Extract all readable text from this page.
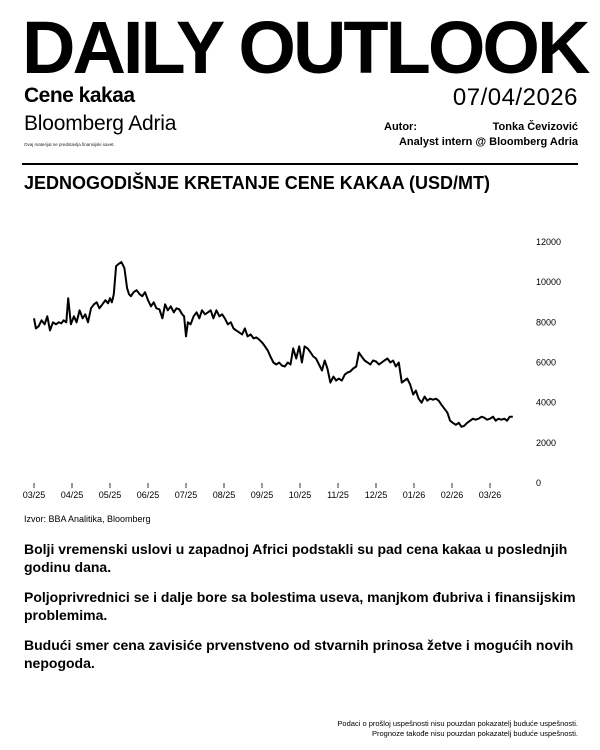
DAILY OUTLOOK
Cene kakaa	07/04/2026
Bloomberg Adria
Ovaj materijal ne predstavlja finansijski savet.
Autor:	Tonka Čevizović
Analyst intern @ Bloomberg Adria
JEDNOGODIŠNJE KRETANJE CENE KAKAA (USD/MT)
0
2000
4000
6000
8000
10000
12000
03/25 04/25 05/25 06/25 07/25 08/25 09/25 10/25 11/25 12/25 01/26 02/26 03/26
Izvor: BBA Analitika, Bloomberg

Bolji vremenski uslovi u zapadnoj Africi podstakli su pad cena kakaa u poslednjih godinu dana.

Poljoprivrednici se i dalje bore sa bolestima useva, manjkom đubriva i finansijskim problemima.

Budući smer cena zavisiće prvenstveno od stvarnih prinosa žetve i mogućih novih nepogoda.

Podaci o prošloj uspešnosti nisu pouzdan pokazatelj buduće uspešnosti.
Prognoze takođe nisu pouzdan pokazatelj buduće uspešnosti.
